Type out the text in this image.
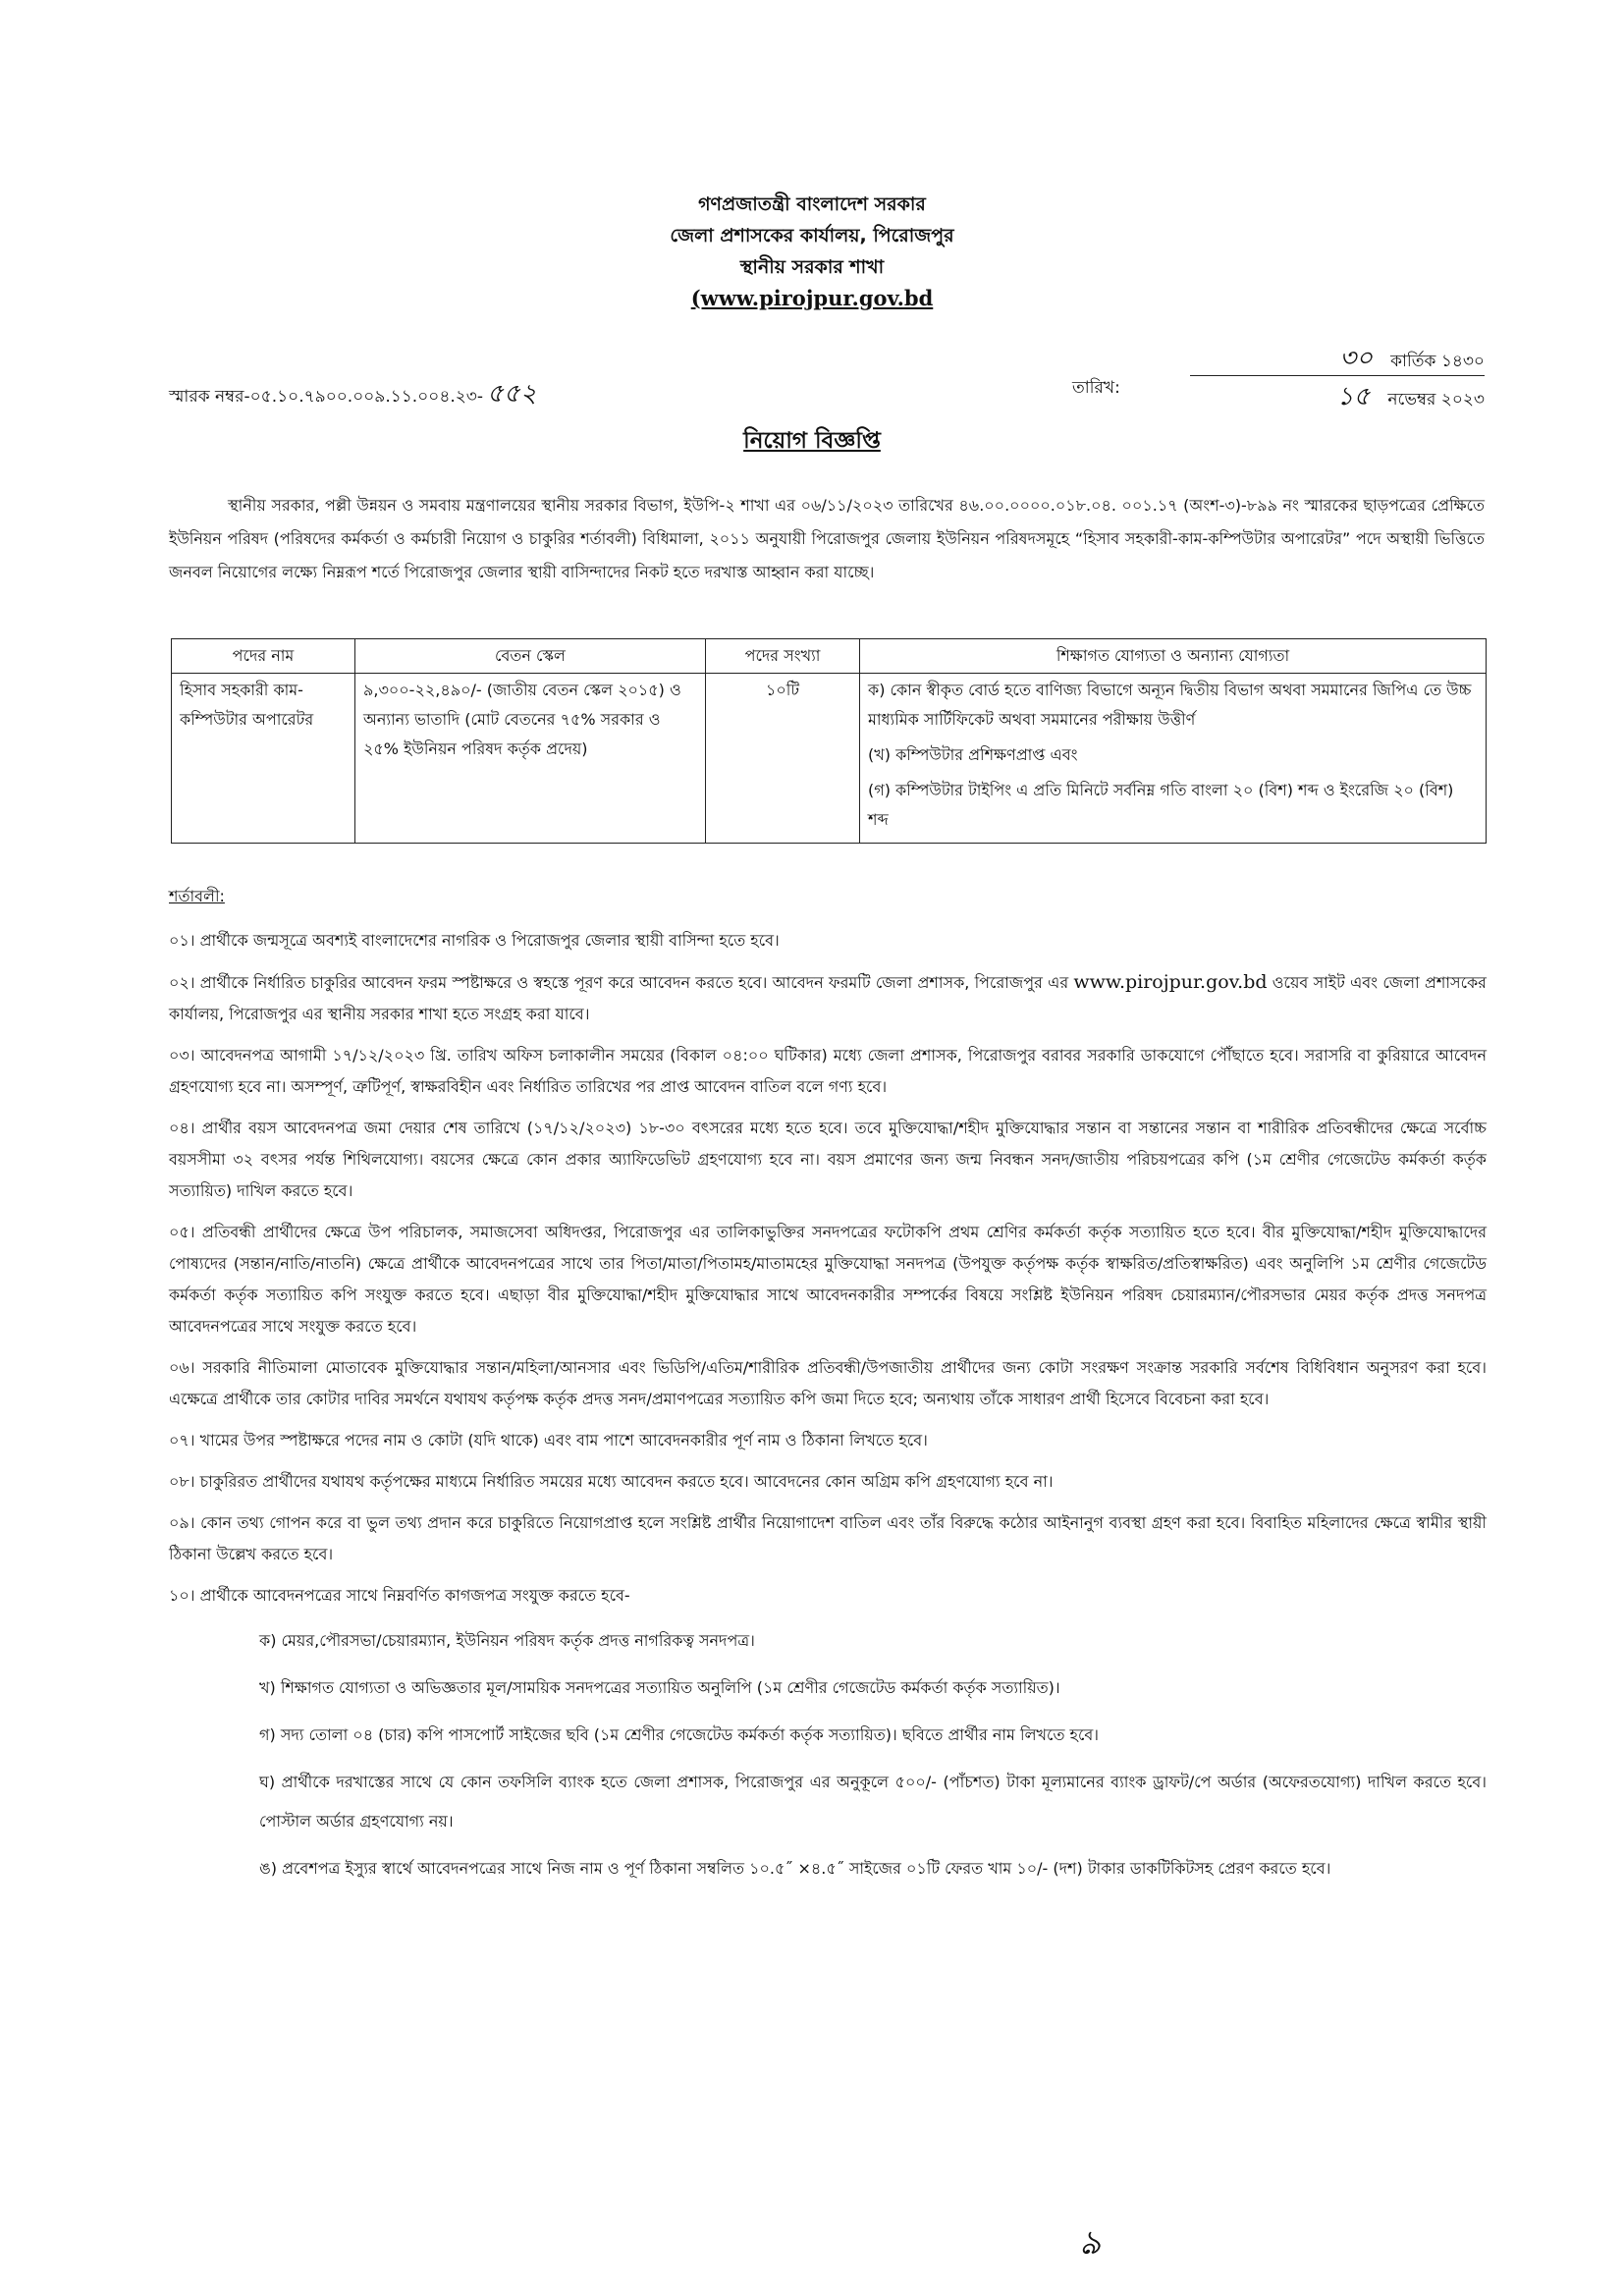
গণপ্রজাতন্ত্রী বাংলাদেশ সরকার
জেলা প্রশাসকের কার্যালয়, পিরোজপুর
স্থানীয় সরকার শাখা
(www.pirojpur.gov.bd
স্মারক নম্বর-০৫.১০.৭৯০০.০০৯.১১.০০৪.২৩- ৫৫২	তারিখ:
৩০ কার্তিক ১৪৩০
১৫ নভেম্বর ২০২৩
নিয়োগ বিজ্ঞপ্তি

স্থানীয় সরকার, পল্লী উন্নয়ন ও সমবায় মন্ত্রণালয়ের স্থানীয় সরকার বিভাগ, ইউপি-২ শাখা এর ০৬/১১/২০২৩ তারিখের ৪৬.০০.০০০০.০১৮.০৪. ০০১.১৭ (অংশ-৩)-৮৯৯ নং স্মারকের ছাড়পত্রের প্রেক্ষিতে ইউনিয়ন পরিষদ (পরিষদের কর্মকর্তা ও কর্মচারী নিয়োগ ও চাকুরির শর্তাবলী) বিধিমালা, ২০১১ অনুযায়ী পিরোজপুর জেলায় ইউনিয়ন পরিষদসমূহে “হিসাব সহকারী-কাম-কম্পিউটার অপারেটর” পদে অস্থায়ী ভিত্তিতে জনবল নিয়োগের লক্ষ্যে নিম্নরূপ শর্তে পিরোজপুর জেলার স্থায়ী বাসিন্দাদের নিকট হতে দরখাস্ত আহ্বান করা যাচ্ছে।

পদের নাম	বেতন স্কেল	পদের সংখ্যা	শিক্ষাগত যোগ্যতা ও অন্যান্য যোগ্যতা
হিসাব সহকারী কাম-কম্পিউটার অপারেটর	৯,৩০০-২২,৪৯০/- (জাতীয় বেতন স্কেল ২০১৫) ও অন্যান্য ভাতাদি (মোট বেতনের ৭৫% সরকার ও ২৫% ইউনিয়ন পরিষদ কর্তৃক প্রদেয়)	১০টি	ক) কোন স্বীকৃত বোর্ড হতে বাণিজ্য বিভাগে অন্যূন দ্বিতীয় বিভাগ অথবা সমমানের জিপিএ তে উচ্চ মাধ্যমিক সার্টিফিকেট অথবা সমমানের পরীক্ষায় উত্তীর্ণ

(খ) কম্পিউটার প্রশিক্ষণপ্রাপ্ত এবং

(গ) কম্পিউটার টাইপিং এ প্রতি মিনিটে সর্বনিম্ন গতি বাংলা ২০ (বিশ) শব্দ ও ইংরেজি ২০ (বিশ) শব্দ

শর্তাবলী:

০১। প্রার্থীকে জন্মসূত্রে অবশ্যই বাংলাদেশের নাগরিক ও পিরোজপুর জেলার স্থায়ী বাসিন্দা হতে হবে।

০২। প্রার্থীকে নির্ধারিত চাকুরির আবেদন ফরম স্পষ্টাক্ষরে ও স্বহস্তে পূরণ করে আবেদন করতে হবে। আবেদন ফরমটি জেলা প্রশাসক, পিরোজপুর এর www.pirojpur.gov.bd ওয়েব সাইট এবং জেলা প্রশাসকের কার্যালয়, পিরোজপুর এর স্থানীয় সরকার শাখা হতে সংগ্রহ করা যাবে।

০৩। আবেদনপত্র আগামী ১৭/১২/২০২৩ খ্রি. তারিখ অফিস চলাকালীন সময়ের (বিকাল ০৪:০০ ঘটিকার) মধ্যে জেলা প্রশাসক, পিরোজপুর বরাবর সরকারি ডাকযোগে পৌঁছাতে হবে। সরাসরি বা কুরিয়ারে আবেদন গ্রহণযোগ্য হবে না। অসম্পূর্ণ, ত্রুটিপূর্ণ, স্বাক্ষরবিহীন এবং নির্ধারিত তারিখের পর প্রাপ্ত আবেদন বাতিল বলে গণ্য হবে।

০৪। প্রার্থীর বয়স আবেদনপত্র জমা দেয়ার শেষ তারিখে (১৭/১২/২০২৩) ১৮-৩০ বৎসরের মধ্যে হতে হবে। তবে মুক্তিযোদ্ধা/শহীদ মুক্তিযোদ্ধার সন্তান বা সন্তানের সন্তান বা শারীরিক প্রতিবন্ধীদের ক্ষেত্রে সর্বোচ্চ বয়সসীমা ৩২ বৎসর পর্যন্ত শিথিলযোগ্য। বয়সের ক্ষেত্রে কোন প্রকার অ্যাফিডেভিট গ্রহণযোগ্য হবে না। বয়স প্রমাণের জন্য জন্ম নিবন্ধন সনদ/জাতীয় পরিচয়পত্রের কপি (১ম শ্রেণীর গেজেটেড কর্মকর্তা কর্তৃক সত্যায়িত) দাখিল করতে হবে।

০৫। প্রতিবন্ধী প্রার্থীদের ক্ষেত্রে উপ পরিচালক, সমাজসেবা অধিদপ্তর, পিরোজপুর এর তালিকাভুক্তির সনদপত্রের ফটোকপি প্রথম শ্রেণির কর্মকর্তা কর্তৃক সত্যায়িত হতে হবে। বীর মুক্তিযোদ্ধা/শহীদ মুক্তিযোদ্ধাদের পোষ্যদের (সন্তান/নাতি/নাতনি) ক্ষেত্রে প্রার্থীকে আবেদনপত্রের সাথে তার পিতা/মাতা/পিতামহ/মাতামহের মুক্তিযোদ্ধা সনদপত্র (উপযুক্ত কর্তৃপক্ষ কর্তৃক স্বাক্ষরিত/প্রতিস্বাক্ষরিত) এবং অনুলিপি ১ম শ্রেণীর গেজেটেড কর্মকর্তা কর্তৃক সত্যায়িত কপি সংযুক্ত করতে হবে। এছাড়া বীর মুক্তিযোদ্ধা/শহীদ মুক্তিযোদ্ধার সাথে আবেদনকারীর সম্পর্কের বিষয়ে সংশ্লিষ্ট ইউনিয়ন পরিষদ চেয়ারম্যান/পৌরসভার মেয়র কর্তৃক প্রদত্ত সনদপত্র আবেদনপত্রের সাথে সংযুক্ত করতে হবে।

০৬। সরকারি নীতিমালা মোতাবেক মুক্তিযোদ্ধার সন্তান/মহিলা/আনসার এবং ভিডিপি/এতিম/শারীরিক প্রতিবন্ধী/উপজাতীয় প্রার্থীদের জন্য কোটা সংরক্ষণ সংক্রান্ত সরকারি সর্বশেষ বিধিবিধান অনুসরণ করা হবে। এক্ষেত্রে প্রার্থীকে তার কোটার দাবির সমর্থনে যথাযথ কর্তৃপক্ষ কর্তৃক প্রদত্ত সনদ/প্রমাণপত্রের সত্যায়িত কপি জমা দিতে হবে; অন্যথায় তাঁকে সাধারণ প্রার্থী হিসেবে বিবেচনা করা হবে।

০৭। খামের উপর স্পষ্টাক্ষরে পদের নাম ও কোটা (যদি থাকে) এবং বাম পাশে আবেদনকারীর পূর্ণ নাম ও ঠিকানা লিখতে হবে।

০৮। চাকুরিরত প্রার্থীদের যথাযথ কর্তৃপক্ষের মাধ্যমে নির্ধারিত সময়ের মধ্যে আবেদন করতে হবে। আবেদনের কোন অগ্রিম কপি গ্রহণযোগ্য হবে না।

০৯। কোন তথ্য গোপন করে বা ভুল তথ্য প্রদান করে চাকুরিতে নিয়োগপ্রাপ্ত হলে সংশ্লিষ্ট প্রার্থীর নিয়োগাদেশ বাতিল এবং তাঁর বিরুদ্ধে কঠোর আইনানুগ ব্যবস্থা গ্রহণ করা হবে। বিবাহিত মহিলাদের ক্ষেত্রে স্বামীর স্থায়ী ঠিকানা উল্লেখ করতে হবে।

১০। প্রার্থীকে আবেদনপত্রের সাথে নিম্নবর্ণিত কাগজপত্র সংযুক্ত করতে হবে-

ক) মেয়র,পৌরসভা/চেয়ারম্যান, ইউনিয়ন পরিষদ কর্তৃক প্রদত্ত নাগরিকত্ব সনদপত্র।

খ) শিক্ষাগত যোগ্যতা ও অভিজ্ঞতার মূল/সাময়িক সনদপত্রের সত্যায়িত অনুলিপি (১ম শ্রেণীর গেজেটেড কর্মকর্তা কর্তৃক সত্যায়িত)।

গ) সদ্য তোলা ০৪ (চার) কপি পাসপোর্ট সাইজের ছবি (১ম শ্রেণীর গেজেটেড কর্মকর্তা কর্তৃক সত্যায়িত)। ছবিতে প্রার্থীর নাম লিখতে হবে।

ঘ) প্রার্থীকে দরখাস্তের সাথে যে কোন তফসিলি ব্যাংক হতে জেলা প্রশাসক, পিরোজপুর এর অনুকূলে ৫০০/- (পাঁচশত) টাকা মূল্যমানের ব্যাংক ড্রাফট/পে অর্ডার (অফেরতযোগ্য) দাখিল করতে হবে। পোস্টাল অর্ডার গ্রহণযোগ্য নয়।

ঙ) প্রবেশপত্র ইস্যুর স্বার্থে আবেদনপত্রের সাথে নিজ নাম ও পূর্ণ ঠিকানা সম্বলিত ১০.৫˝ ×৪.৫˝ সাইজের ০১টি ফেরত খাম ১০/- (দশ) টাকার ডাকটিকিটসহ প্রেরণ করতে হবে।

ঌ
